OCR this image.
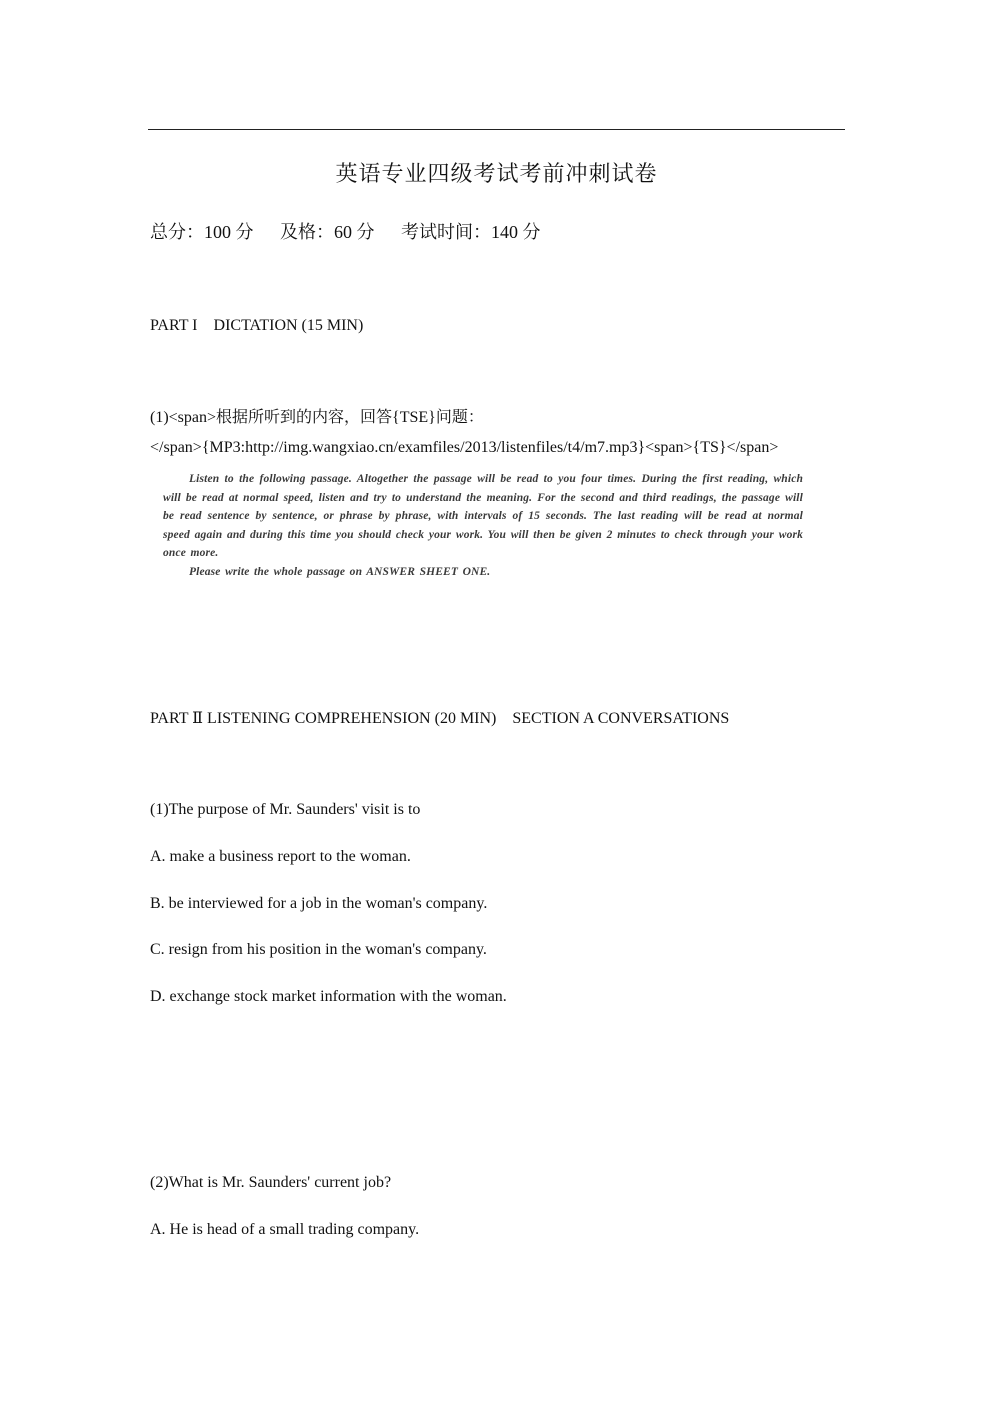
英语专业四级考试考前冲刺试卷
总分：100 分 及格：60 分 考试时间：140 分
PART I　DICTATION (15 MIN)
(1)<span>根据所听到的内容，回答{TSE}问题：
</span>{MP3:http://img.wangxiao.cn/examfiles/2013/listenfiles/t4/m7.mp3}<span>{TS}</span>

Listen to the following passage. Altogether the passage will be read to you four times. During the first reading, which will be read at normal speed, listen and try to understand the meaning. For the second and third readings, the passage will be read sentence by sentence, or phrase by phrase, with intervals of 15 seconds. The last reading will be read at normal speed again and during this time you should check your work. You will then be given 2 minutes to check through your work once more.

Please write the whole passage on ANSWER SHEET ONE.

PART Ⅱ LISTENING COMPREHENSION (20 MIN)　SECTION A CONVERSATIONS
(1)The purpose of Mr. Saunders' visit is to
A. make a business report to the woman.
B. be interviewed for a job in the woman's company.
C. resign from his position in the woman's company.
D. exchange stock market information with the woman.
(2)What is Mr. Saunders' current job?
A. He is head of a small trading company.
